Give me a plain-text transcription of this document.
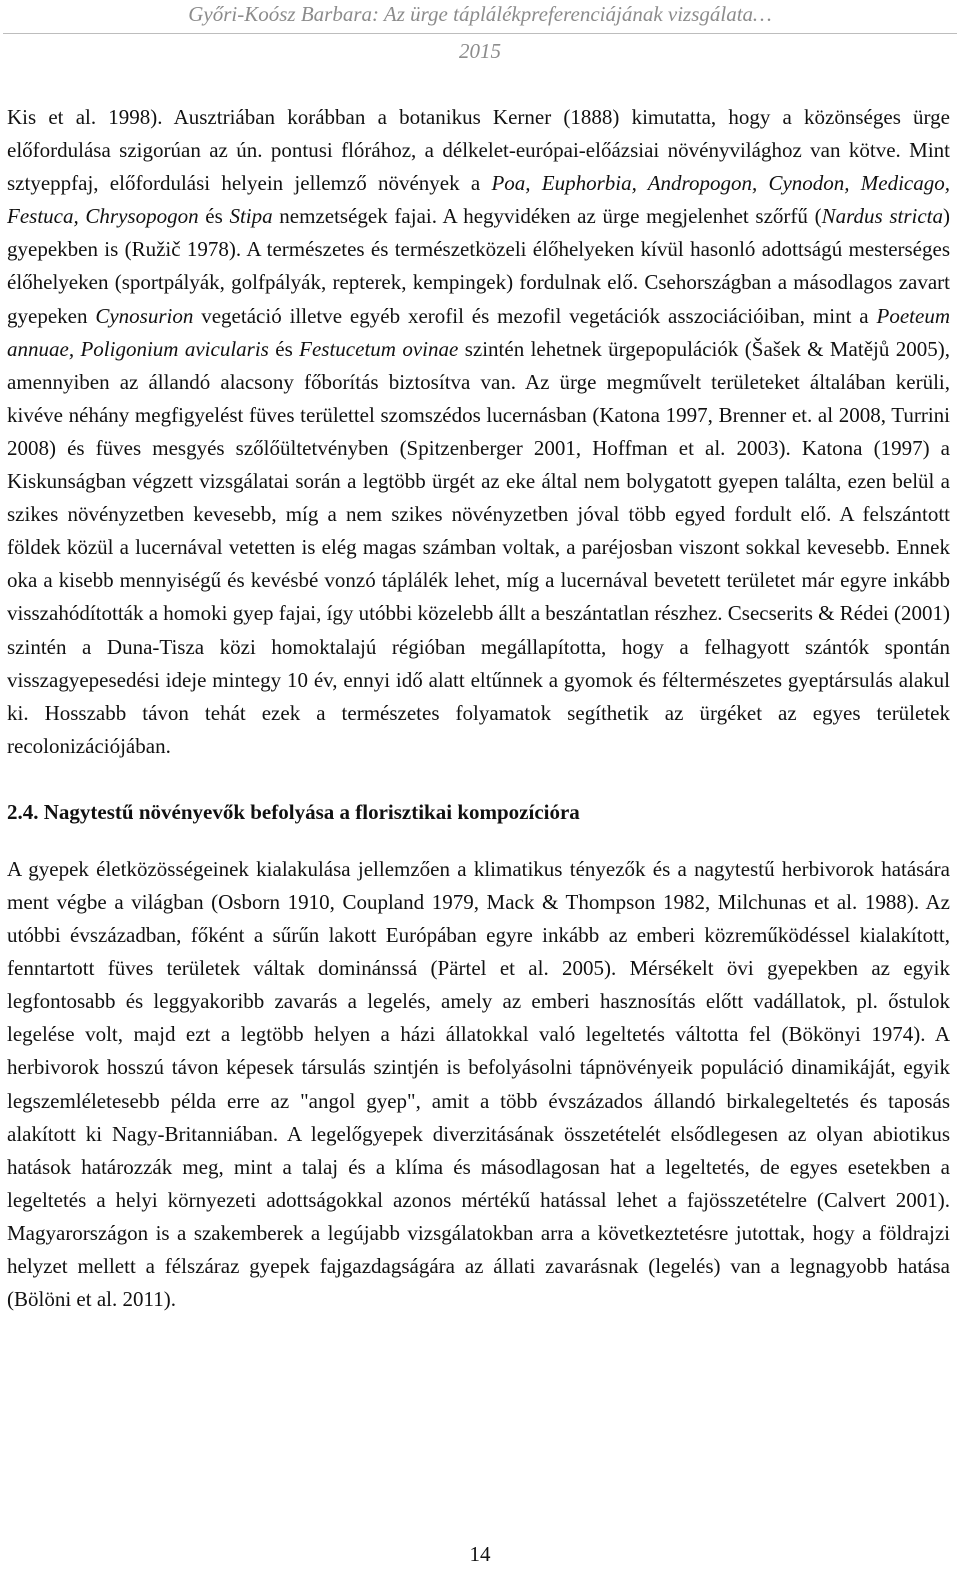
Győri-Koósz Barbara: Az ürge táplálékpreferenciájának vizsgálata…
2015

Kis et al. 1998). Ausztriában korábban a botanikus Kerner (1888) kimutatta, hogy a közönséges ürge előfordulása szigorúan az ún. pontusi flórához, a délkelet-európai-előázsiai növényvilághoz van kötve. Mint sztyeppfaj, előfordulási helyein jellemző növények a Poa, Euphorbia, Andropogon, Cynodon, Medicago, Festuca, Chrysopogon és Stipa nemzetségek fajai. A hegyvidéken az ürge megjelenhet szőrfű (Nardus stricta) gyepekben is (Ružič 1978). A természetes és természetközeli élőhelyeken kívül hasonló adottságú mesterséges élőhelyeken (sportpályák, golfpályák, repterek, kempingek) fordulnak elő. Csehországban a másodlagos zavart gyepeken Cynosurion vegetáció illetve egyéb xerofil és mezofil vegetációk asszociációiban, mint a Poeteum annuae, Poligonium avicularis és Festucetum ovinae szintén lehetnek ürgepopulációk (Šašek & Matějů 2005), amennyiben az állandó alacsony főborítás biztosítva van. Az ürge megművelt területeket általában kerüli, kivéve néhány megfigyelést füves területtel szomszédos lucernásban (Katona 1997, Brenner et. al 2008, Turrini 2008) és füves mesgyés szőlőültetvényben (Spitzenberger 2001, Hoffman et al. 2003). Katona (1997) a Kiskunságban végzett vizsgálatai során a legtöbb ürgét az eke által nem bolygatott gyepen találta, ezen belül a szikes növényzetben kevesebb, míg a nem szikes növényzetben jóval több egyed fordult elő. A felszántott földek közül a lucernával vetetten is elég magas számban voltak, a paréjosban viszont sokkal kevesebb. Ennek oka a kisebb mennyiségű és kevésbé vonzó táplálék lehet, míg a lucernával bevetett területet már egyre inkább visszahódították a homoki gyep fajai, így utóbbi közelebb állt a beszántatlan részhez. Csecserits & Rédei (2001) szintén a Duna-Tisza közi homoktalajú régióban megállapította, hogy a felhagyott szántók spontán visszagyepesedési ideje mintegy 10 év, ennyi idő alatt eltűnnek a gyomok és féltermészetes gyeptársulás alakul ki. Hosszabb távon tehát ezek a természetes folyamatok segíthetik az ürgéket az egyes területek recolonizációjában.

2.4. Nagytestű növényevők befolyása a florisztikai kompozícióra

A gyepek életközösségeinek kialakulása jellemzően a klimatikus tényezők és a nagytestű herbivorok hatására ment végbe a világban (Osborn 1910, Coupland 1979, Mack & Thompson 1982, Milchunas et al. 1988). Az utóbbi évszázadban, főként a sűrűn lakott Európában egyre inkább az emberi közreműködéssel kialakított, fenntartott füves területek váltak dominánssá (Pärtel et al. 2005). Mérsékelt övi gyepekben az egyik legfontosabb és leggyakoribb zavarás a legelés, amely az emberi hasznosítás előtt vadállatok, pl. őstulok legelése volt, majd ezt a legtöbb helyen a házi állatokkal való legeltetés váltotta fel (Bökönyi 1974). A herbivorok hosszú távon képesek társulás szintjén is befolyásolni tápnövényeik populáció dinamikáját, egyik legszemléletesebb példa erre az "angol gyep", amit a több évszázados állandó birkalegeltetés és taposás alakított ki Nagy-Britanniában. A legelőgyepek diverzitásának összetételét elsődlegesen az olyan abiotikus hatások határozzák meg, mint a talaj és a klíma és másodlagosan hat a legeltetés, de egyes esetekben a legeltetés a helyi környezeti adottságokkal azonos mértékű hatással lehet a fajösszetételre (Calvert 2001). Magyarországon is a szakemberek a legújabb vizsgálatokban arra a következtetésre jutottak, hogy a földrajzi helyzet mellett a félszáraz gyepek fajgazdagságára az állati zavarásnak (legelés) van a legnagyobb hatása (Bölöni et al. 2011).

14
